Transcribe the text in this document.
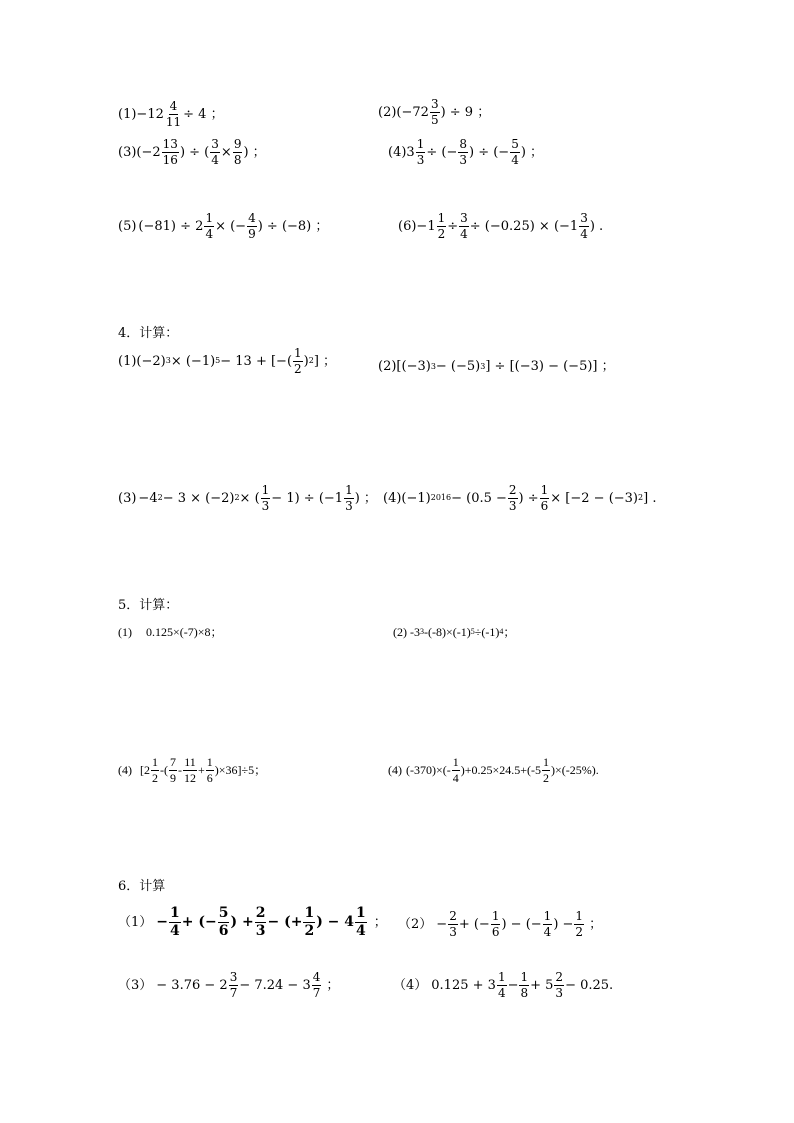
$(1) -12 \frac{4}{11} \div 4$ ；	(2) ($-72 \frac{3}{5}$ ) ÷ 9 ；
(3) ($-2 \frac{13}{16}$ ) ÷ ( $\frac{3}{4} \times \frac{9}{8}$ ) ；	(4) $3 \frac{1}{3}$ ÷ (− $\frac{8}{3}$ ) ÷ (− $\frac{5}{4}$ ) ；
(5) $(-81) \div 2 \frac{1}{4}$ × (− $\frac{4}{9}$ ) ÷ (−8) ；	$(6) -1 \frac{1}{2} \div \frac{3}{4} \div (-0.25) \times (-1 \frac{3}{4}$ ) .
4．计算：
(1) (−2) 3 × (−1) 5 − 13 + [−( $\frac{1}{2}$ ) 2 ] ；	(2) [(−3) 3 − (−5) 3 ] ÷ [(−3) − (−5)] ；
(3) −4 2 − 3 × (−2) 2 × ( $\frac{1}{3} - 1) \div (-1 \frac{1}{3}$ ) ； (4) (−1) $2016 - (0.5 - \frac{2}{3}$ ) ÷ $\frac{1}{6} \times [-2 - (-3)$ 2 ] .
5．计算：
(1) 0.125×(-7)×8；	(2) -3 3 -(-8)×(-1) 5 ÷(-1) 4 ；
(4) [$2 \frac{1}{2}$ -( $\frac{7}{9} - \frac{11}{12} + \frac{1}{6} )\times 36]\div 5$；	(4) $(-370)\times(- \frac{1}{4} )+0.25\times 24.5+(-5 \frac{1}{2} )\times(-25\%)$.
6．计算
$(1) - \frac{1}{4}$ + (− $\frac{5}{6}$ ) + $\frac{2}{3}$ − (+ $\frac{1}{2}$ ) − $4 \frac{1}{4}$ ； $(2) - \frac{2}{3}$ + (− $\frac{1}{6}$ ) − (− $\frac{1}{4}$ ) − $\frac{1}{2}$ ；
$(3) - 3.76 - 2 \frac{3}{7} - 7.24 - 3 \frac{4}{7}$ ；	（4） $0.125 + 3 \frac{1}{4} - \frac{1}{8} + 5 \frac{2}{3} - 0.25$.
